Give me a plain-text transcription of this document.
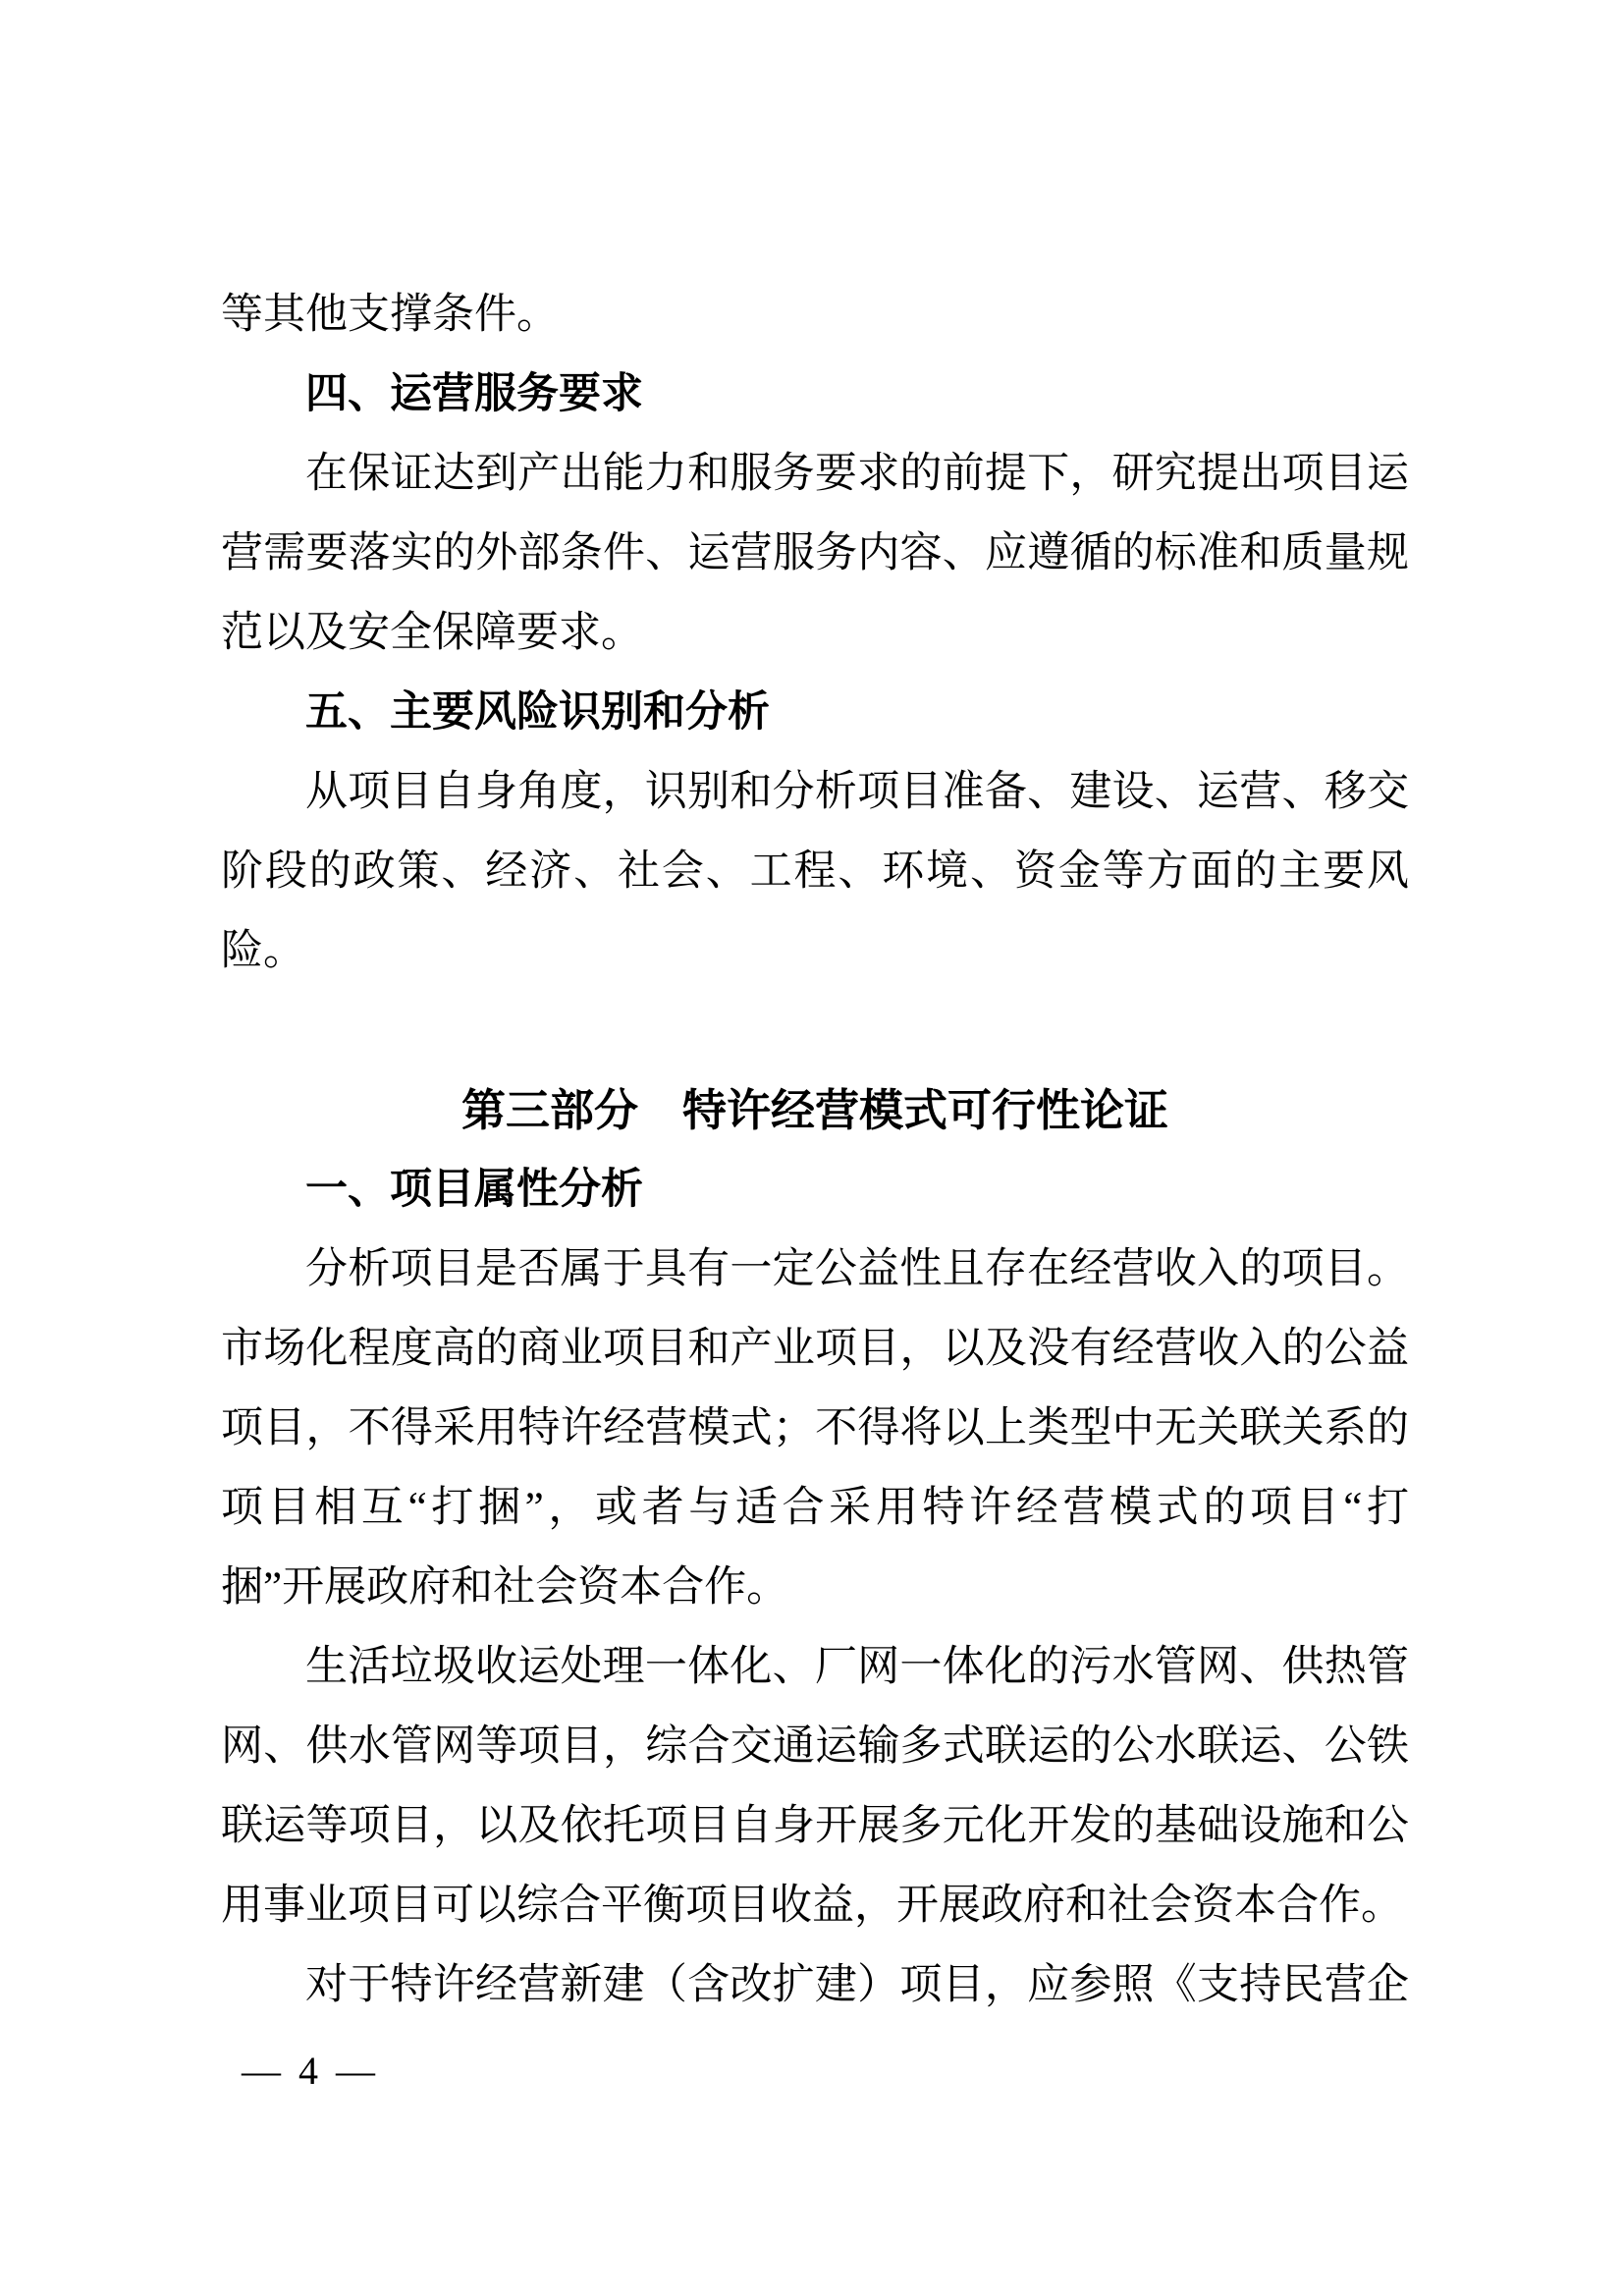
等其他支撑条件。
四、运营服务要求
在保证达到产出能力和服务要求的前提下，研究提出项目运
营需要落实的外部条件、运营服务内容、应遵循的标准和质量规
范以及安全保障要求。
五、主要风险识别和分析
从项目自身角度，识别和分析项目准备、建设、运营、移交
阶段的政策、经济、社会、工程、环境、资金等方面的主要风
险。
第三部分　特许经营模式可行性论证
一、项目属性分析
分析项目是否属于具有一定公益性且存在经营收入的项目。
市场化程度高的商业项目和产业项目，以及没有经营收入的公益
项目，不得采用特许经营模式；不得将以上类型中无关联关系的
项目相互“打捆”，或者与适合采用特许经营模式的项目“打
捆”开展政府和社会资本合作。
生活垃圾收运处理一体化、厂网一体化的污水管网、供热管
网、供水管网等项目，综合交通运输多式联运的公水联运、公铁
联运等项目，以及依托项目自身开展多元化开发的基础设施和公
用事业项目可以综合平衡项目收益，开展政府和社会资本合作。
对于特许经营新建（含改扩建）项目，应参照《支持民营企
— 4 —
